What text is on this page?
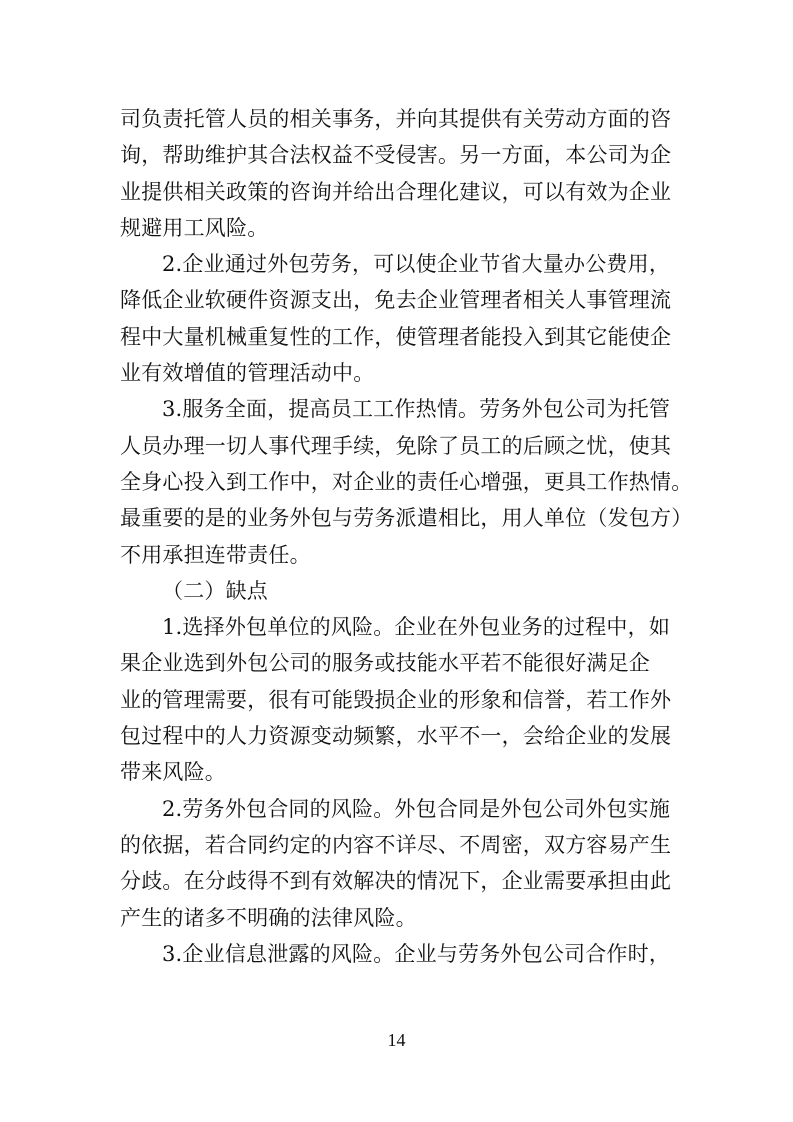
司负责托管人员的相关事务，并向其提供有关劳动方面的咨
询，帮助维护其合法权益不受侵害。另一方面，本公司为企
业提供相关政策的咨询并给出合理化建议，可以有效为企业
规避用工风险。
2.企业通过外包劳务，可以使企业节省大量办公费用，
降低企业软硬件资源支出，免去企业管理者相关人事管理流
程中大量机械重复性的工作，使管理者能投入到其它能使企
业有效增值的管理活动中。
3.服务全面，提高员工工作热情。劳务外包公司为托管
人员办理一切人事代理手续，免除了员工的后顾之忧，使其
全身心投入到工作中，对企业的责任心增强，更具工作热情。
最重要的是的业务外包与劳务派遣相比，用人单位（发包方）
不用承担连带责任。
（二）缺点
1.选择外包单位的风险。企业在外包业务的过程中，如
果企业选到外包公司的服务或技能水平若不能很好满足企
业的管理需要，很有可能毁损企业的形象和信誉，若工作外
包过程中的人力资源变动频繁，水平不一，会给企业的发展
带来风险。
2.劳务外包合同的风险。外包合同是外包公司外包实施
的依据，若合同约定的内容不详尽、不周密，双方容易产生
分歧。在分歧得不到有效解决的情况下，企业需要承担由此
产生的诸多不明确的法律风险。
3.企业信息泄露的风险。企业与劳务外包公司合作时，
14
